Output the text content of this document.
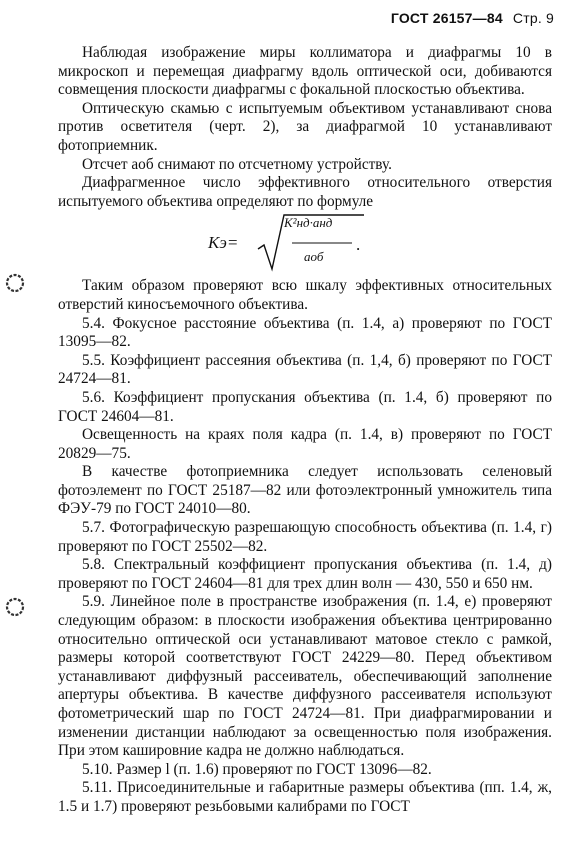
ГОСТ 26157—84 Стр. 9

Наблюдая изображение миры коллиматора и диафрагмы 10 в микроскоп и перемещая диафрагму вдоль оптической оси, добиваются совмещения плоскости диафрагмы с фокальной плоскостью объектива.

Оптическую скамью с испытуемым объективом устанавливают снова против осветителя (черт. 2), за диафрагмой 10 устанавливают фотоприемник.

Отсчет aоб снимают по отсчетному устройству.

Диафрагменное число эффективного относительного отверстия испытуемого объектива определяют по формуле

Kэ=
K²нд·aнд
aоб
.

Таким образом проверяют всю шкалу эффективных относительных отверстий киносъемочного объектива.

5.4. Фокусное расстояние объектива (п. 1.4, а) проверяют по ГОСТ 13095—82.

5.5. Коэффициент рассеяния объектива (п. 1,4, б) проверяют по ГОСТ 24724—81.

5.6. Коэффициент пропускания объектива (п. 1.4, б) проверяют по ГОСТ 24604—81.

Освещенность на краях поля кадра (п. 1.4, в) проверяют по ГОСТ 20829—75.

В качестве фотоприемника следует использовать селеновый фотоэлемент по ГОСТ 25187—82 или фотоэлектронный умножитель типа ФЭУ-79 по ГОСТ 24010—80.

5.7. Фотографическую разрешающую способность объектива (п. 1.4, г) проверяют по ГОСТ 25502—82.

5.8. Спектральный коэффициент пропускания объектива (п. 1.4, д) проверяют по ГОСТ 24604—81 для трех длин волн — 430, 550 и 650 нм.

5.9. Линейное поле в пространстве изображения (п. 1.4, е) проверяют следующим образом: в плоскости изображения объектива центрированно относительно оптической оси устанавливают матовое стекло с рамкой, размеры которой соответствуют ГОСТ 24229—80. Перед объективом устанавливают диффузный рассеиватель, обеспечивающий заполнение апертуры объектива. В качестве диффузного рассеивателя используют фотометрический шар по ГОСТ 24724—81. При диафрагмировании и изменении дистанции наблюдают за освещенностью поля изображения. При этом кашировние кадра не должно наблюдаться.

5.10. Размер l (п. 1.6) проверяют по ГОСТ 13096—82.

5.11. Присоединительные и габаритные размеры объектива (пп. 1.4, ж, 1.5 и 1.7) проверяют резьбовыми калибрами по ГОСТ
